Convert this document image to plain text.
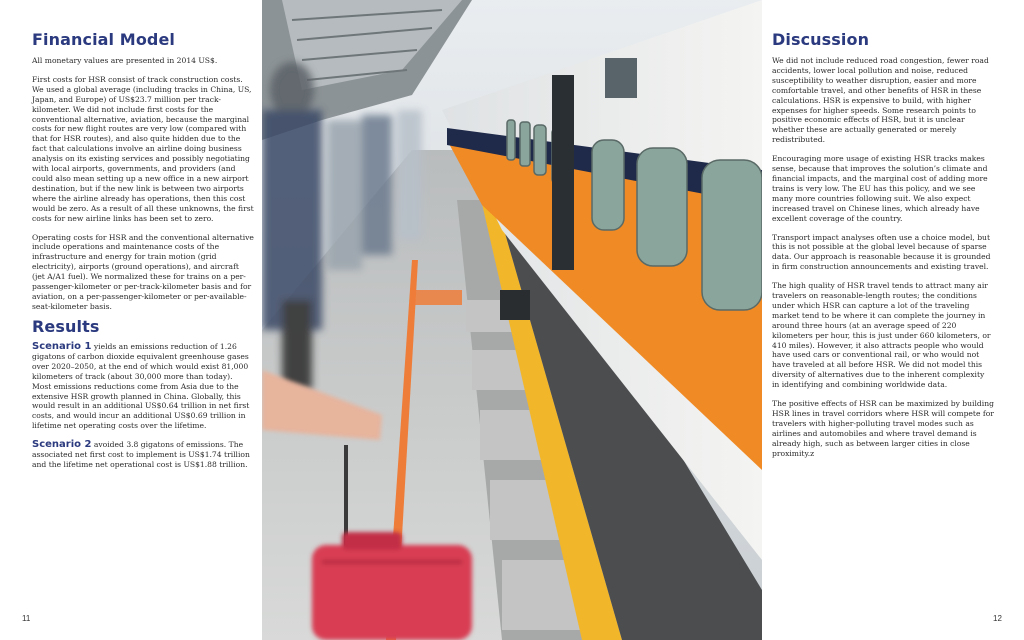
Financial Model

All monetary values are presented in 2014 US$.

First costs for HSR consist of track construction costs. We used a global average (including tracks in China, US, Japan, and Europe) of US$23.7 million per track-kilometer. We did not include first costs for the conventional alternative, aviation, because the marginal costs for new flight routes are very low (compared with that for HSR routes), and also quite hidden due to the fact that calculations involve an airline doing business analysis on its existing services and possibly negotiating with local airports, governments, and providers (and could also mean setting up a new office in a new airport destination, but if the new link is between two airports where the airline already has operations, then this cost would be zero. As a result of all these unknowns, the first costs for new airline links has been set to zero.

Operating costs for HSR and the conventional alternative include operations and maintenance costs of the infrastructure and energy for train motion (grid electricity), airports (ground operations), and aircraft (jet A/A1 fuel). We normalized these for trains on a per-passenger-kilometer or per-track-kilometer basis and for aviation, on a per-passenger-kilometer or per-available-seat-kilometer basis.

Results

Scenario 1 yields an emissions reduction of 1.26 gigatons of carbon dioxide equivalent greenhouse gases over 2020–2050, at the end of which would exist 81,000 kilometers of track (about 30,000 more than today). Most emissions reductions come from Asia due to the extensive HSR growth planned in China. Globally, this would result in an additional US$0.64 trillion in net first costs, and would incur an additional US$0.69 trillion in lifetime net operating costs over the lifetime.

Scenario 2 avoided 3.8 gigatons of emissions. The associated net first cost to implement is US$1.74 trillion and the lifetime net operational cost is US$1.88 trillion.

11
Discussion

We did not include reduced road congestion, fewer road accidents, lower local pollution and noise, reduced susceptibility to weather disruption, easier and more comfortable travel, and other benefits of HSR in these calculations. HSR is expensive to build, with higher expenses for higher speeds. Some research points to positive economic effects of HSR, but it is unclear whether these are actually generated or merely redistributed.

Encouraging more usage of existing HSR tracks makes sense, because that improves the solution’s climate and financial impacts, and the marginal cost of adding more trains is very low. The EU has this policy, and we see many more countries following suit. We also expect increased travel on Chinese lines, which already have excellent coverage of the country.

Transport impact analyses often use a choice model, but this is not possible at the global level because of sparse data. Our approach is reasonable because it is grounded in firm construction announcements and existing travel.

The high quality of HSR travel tends to attract many air travelers on reasonable-length routes; the conditions under which HSR can capture a lot of the traveling market tend to be where it can complete the journey in around three hours (at an average speed of 220 kilometers per hour, this is just under 660 kilometers, or 410 miles). However, it also attracts people who would have used cars or conventional rail, or who would not have traveled at all before HSR. We did not model this diversity of alternatives due to the inherent complexity in identifying and combining worldwide data.

The positive effects of HSR can be maximized by building HSR lines in travel corridors where HSR will compete for travelers with higher-polluting travel modes such as airlines and automobiles and where travel demand is already high, such as between larger cities in close proximity.z

12
